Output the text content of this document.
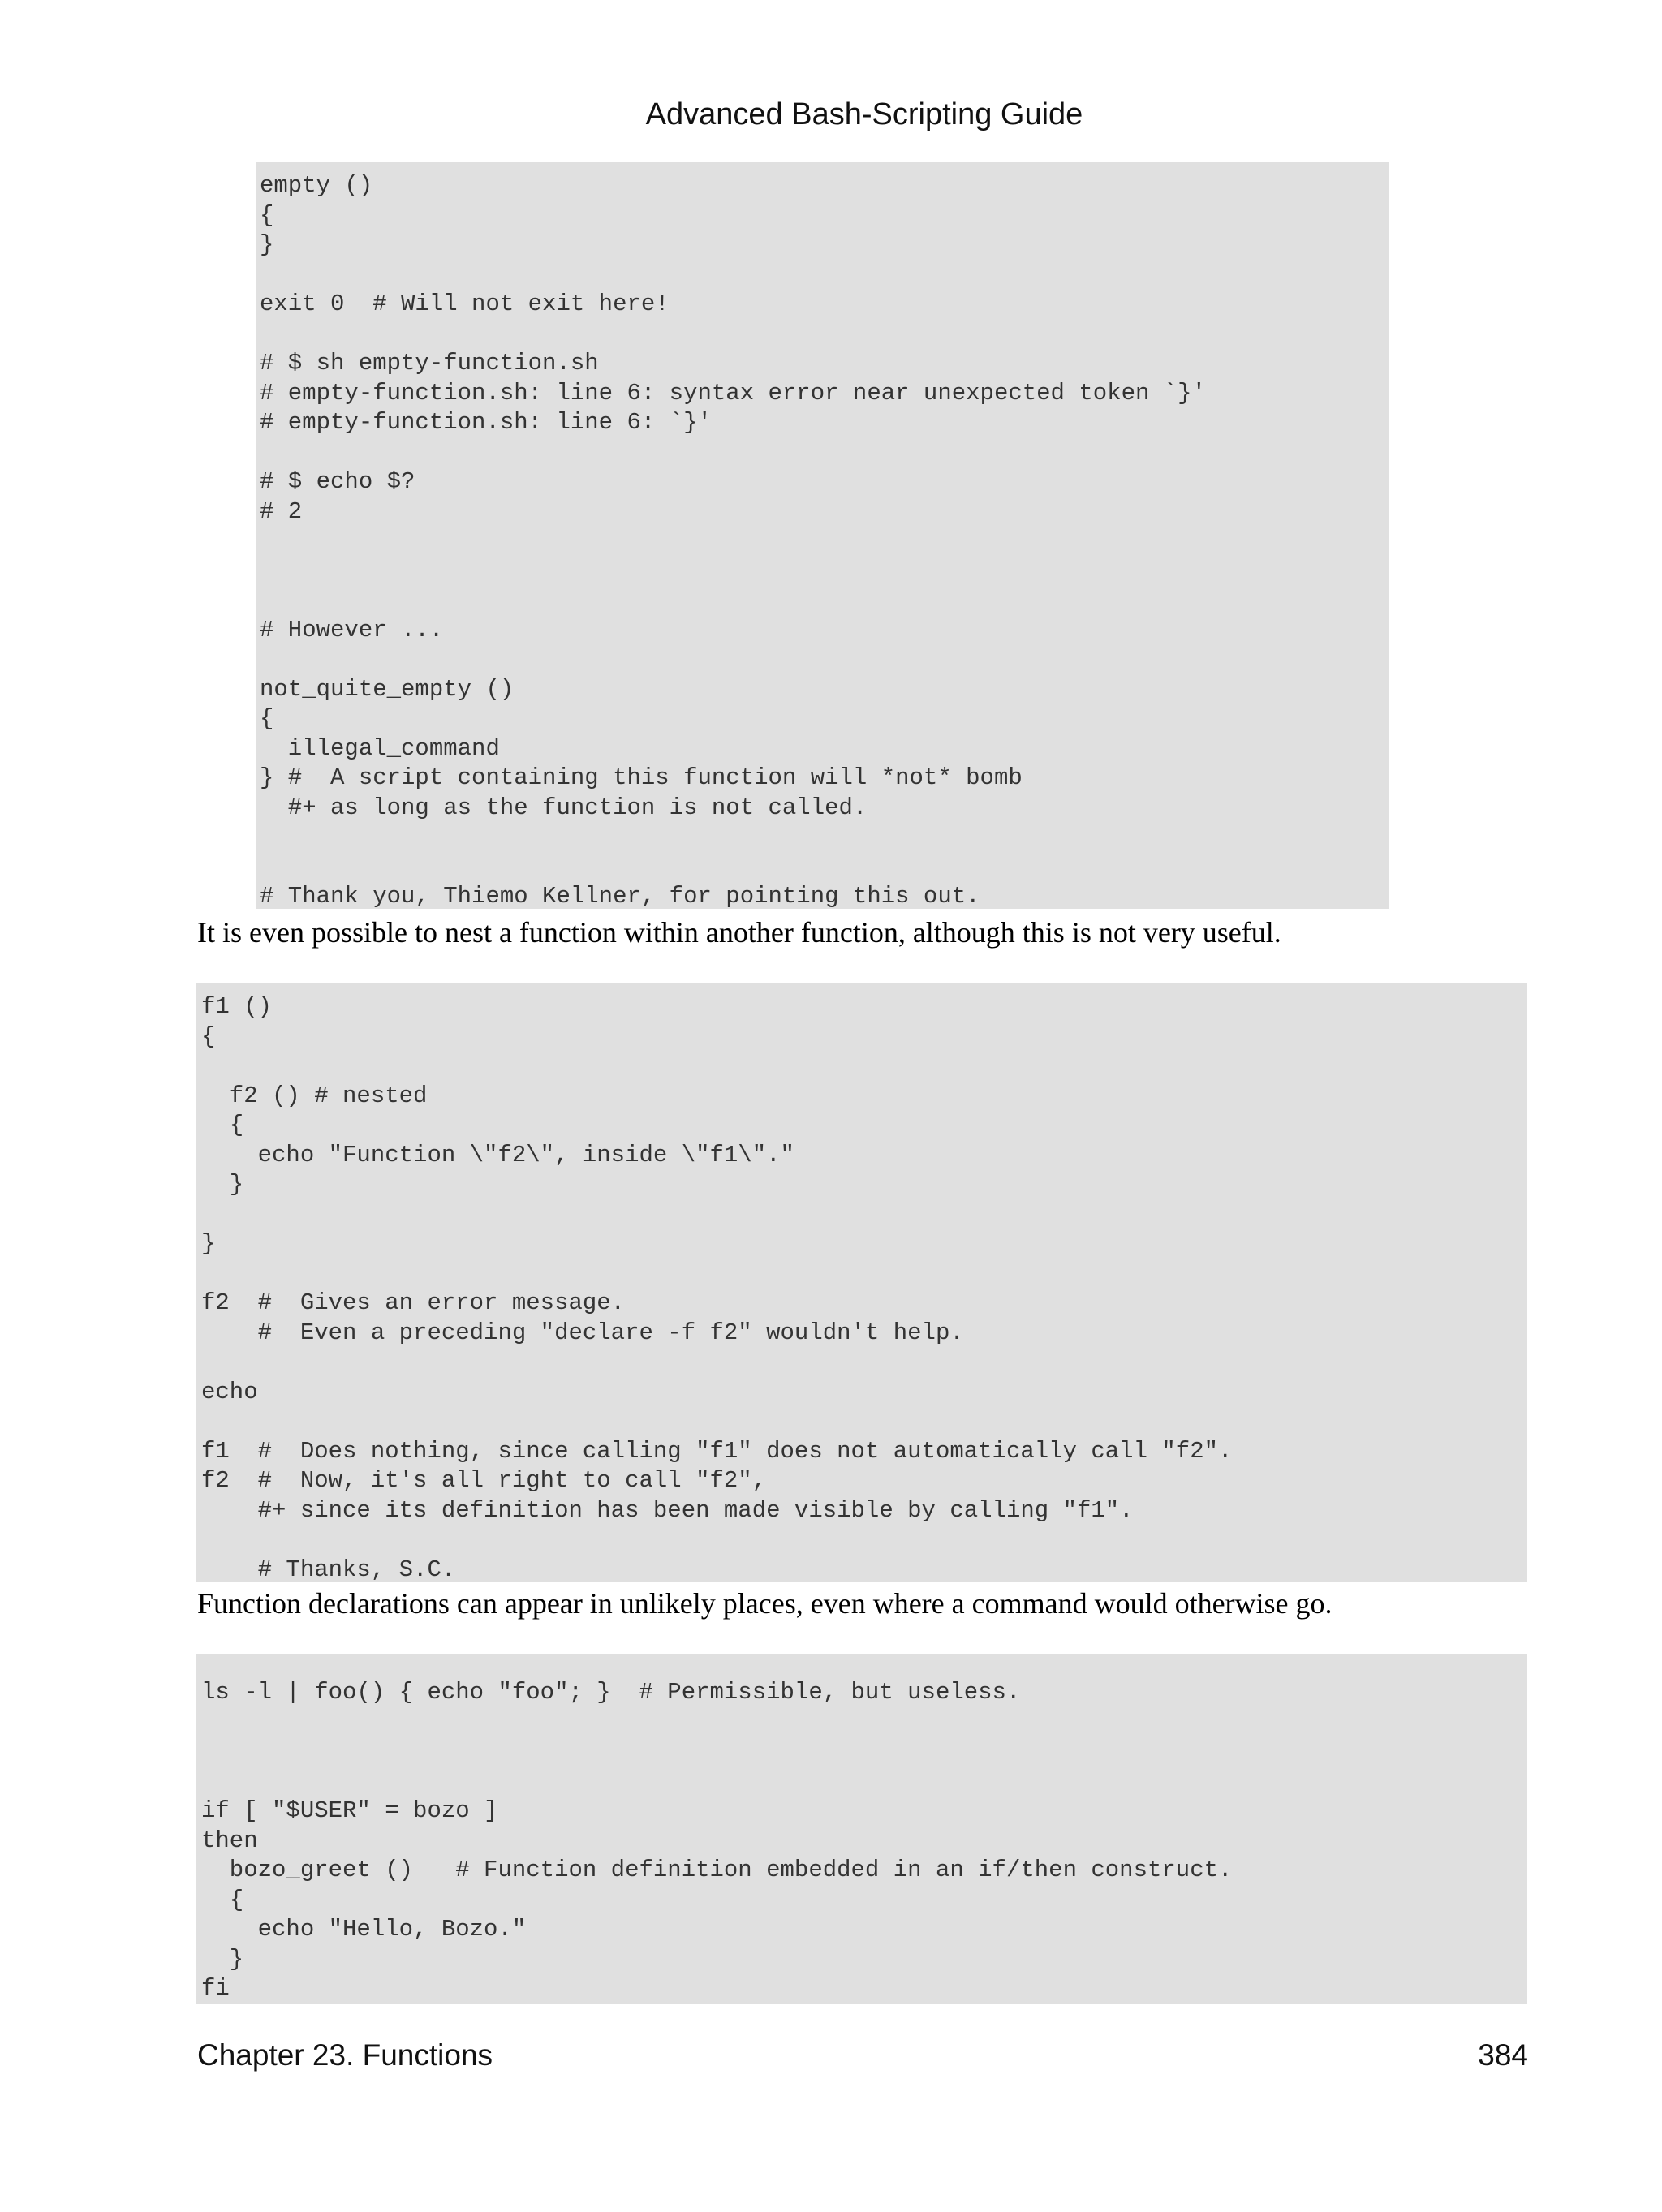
Advanced Bash-Scripting Guide
empty ()
{
}
exit 0  # Will not exit here!
# $ sh empty-function.sh
# empty-function.sh: line 6: syntax error near unexpected token `}'
# empty-function.sh: line 6: `}'
# $ echo $?
# 2
# However ...
not_quite_empty ()
{
illegal_command
} #  A script containing this function will *not* bomb
#+ as long as the function is not called.
# Thank you, Thiemo Kellner, for pointing this out.
It is even possible to nest a function within another function, although this is not very useful.
f1 ()
{
f2 () # nested
{
echo "Function \"f2\", inside \"f1\"."
}
}
f2  #  Gives an error message.
#  Even a preceding "declare -f f2" wouldn't help.
echo
f1  #  Does nothing, since calling "f1" does not automatically call "f2".
f2  #  Now, it's all right to call "f2",
#+ since its definition has been made visible by calling "f1".
# Thanks, S.C.
Function declarations can appear in unlikely places, even where a command would otherwise go.
ls -l | foo() { echo "foo"; }  # Permissible, but useless.
if [ "$USER" = bozo ]
then
bozo_greet ()   # Function definition embedded in an if/then construct.
{
echo "Hello, Bozo."
}
fi
Chapter 23. Functions	384
